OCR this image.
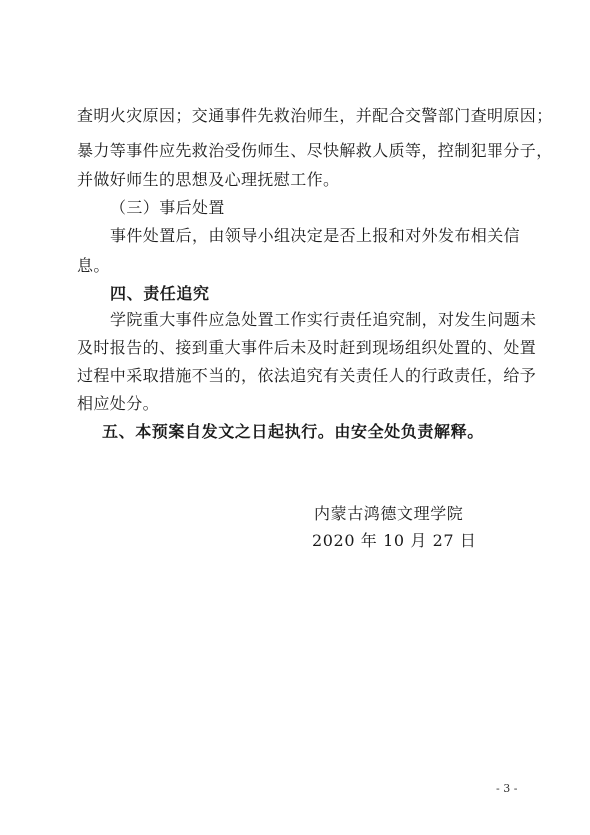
查明火灾原因；交通事件先救治师生，并配合交警部门查明原因；
暴力等事件应先救治受伤师生、尽快解救人质等，控制犯罪分子，
并做好师生的思想及心理抚慰工作。
（三）事后处置
事件处置后，由领导小组决定是否上报和对外发布相关信
息。
四、责任追究
学院重大事件应急处置工作实行责任追究制，对发生问题未
及时报告的、接到重大事件后未及时赶到现场组织处置的、处置
过程中采取措施不当的，依法追究有关责任人的行政责任，给予
相应处分。
五、本预案自发文之日起执行。由安全处负责解释。
内蒙古鸿德文理学院
2020 年 10 月 27 日
- 3 -
